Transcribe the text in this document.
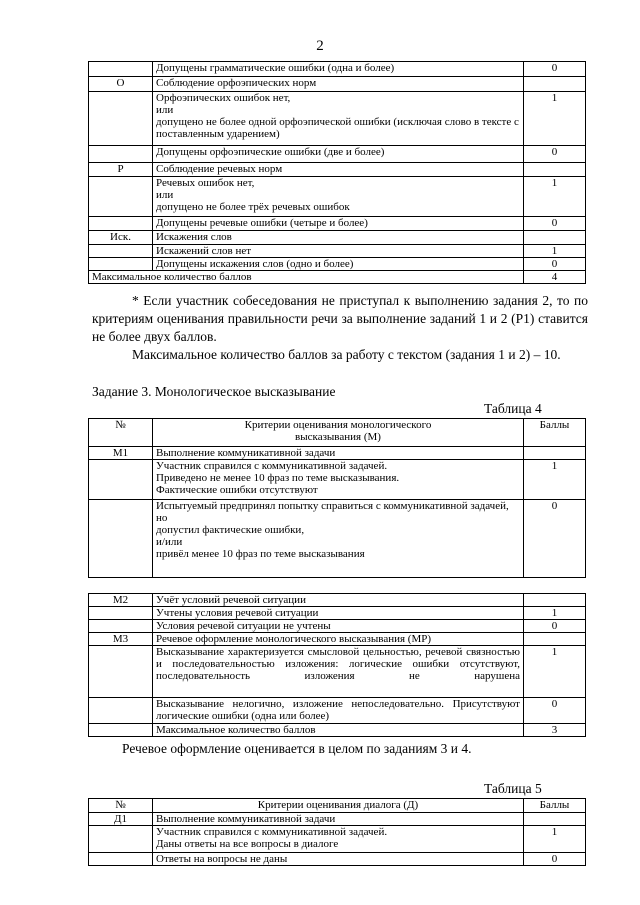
2
	Допущены грамматические ошибки (одна и более)	0
О	Соблюдение орфоэпических норм	
	Орфоэпических ошибок нет,
или
допущено не более одной орфоэпической ошибки (исключая слово в тексте с поставленным ударением)	1
	Допущены орфоэпические ошибки (две и более)	0
Р	Соблюдение речевых норм	
	Речевых ошибок нет,
или
допущено не более трёх речевых ошибок	1
	Допущены речевые ошибки (четыре и более)	0
Иск.	Искажения слов	
	Искажений слов нет	1
	Допущены искажения слов (одно и более)	0
Максимальное количество баллов		4
* Если участник собеседования не приступал к выполнению задания 2, то по критериям оценивания правильности речи за выполнение заданий 1 и 2 (Р1) ставится не более двух баллов.
Максимальное количество баллов за работу с текстом (задания 1 и 2) – 10.
Задание 3. Монологическое высказывание
Таблица 4
№	Критерии оценивания монологического высказывания (М)	Баллы
М1	Выполнение коммуникативной задачи	
	Участник справился с коммуникативной задачей.
Приведено не менее 10 фраз по теме высказывания.
Фактические ошибки отсутствуют	1
	Испытуемый предпринял попытку справиться с коммуникативной задачей,
но
допустил фактические ошибки,
и/или
привёл менее 10 фраз по теме высказывания	0
М2	Учёт условий речевой ситуации	
	Учтены условия речевой ситуации	1
	Условия речевой ситуации не учтены	0
М3	Речевое оформление монологического высказывания (МР)	
	Высказывание характеризуется смысловой цельностью, речевой связностью и последовательностью изложения: логические ошибки отсутствуют, последовательность изложения не нарушена	1
	Высказывание нелогично, изложение непоследовательно. Присутствуют логические ошибки (одна или более)	0
	Максимальное количество баллов	3
Речевое оформление оценивается в целом по заданиям 3 и 4.
Таблица 5
№	Критерии оценивания диалога (Д)	Баллы
Д1	Выполнение коммуникативной задачи	
	Участник справился с коммуникативной задачей.
Даны ответы на все вопросы в диалоге	1
	Ответы на вопросы не даны	0
